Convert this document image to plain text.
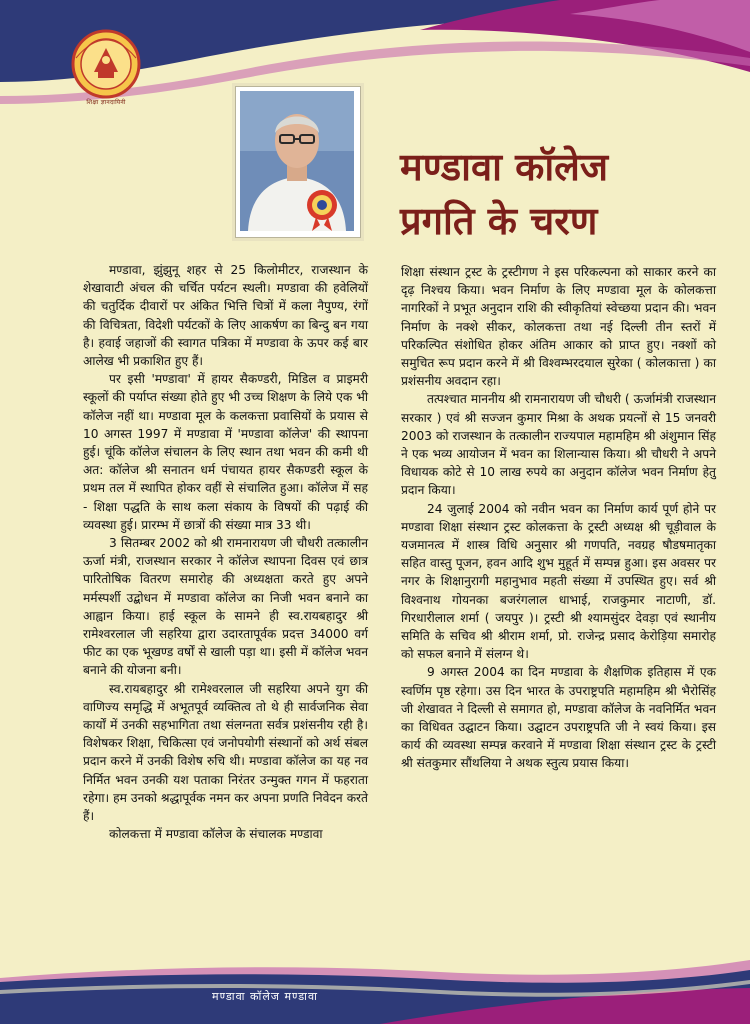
शिक्षा ज्ञानदायिनी
मण्डावा कॉलेज
प्रगति के चरण

मण्डावा, झुंझुनू शहर से 25 किलोमीटर, राजस्थान के शेखावाटी अंचल की चर्चित पर्यटन स्थली। मण्डावा की हवेलियों की चतुर्दिक दीवारों पर अंकित भित्ति चित्रों में कला नैपुण्य, रंगों की विचित्रता, विदेशी पर्यटकों के लिए आकर्षण का बिन्दु बन गया है। हवाई जहाजों की स्वागत पत्रिका में मण्डावा के ऊपर कई बार आलेख भी प्रकाशित हुए हैं।

पर इसी 'मण्डावा' में हायर सैकण्डरी, मिडिल व प्राइमरी स्कूलों की पर्याप्त संख्या होते हुए भी उच्च शिक्षण के लिये एक भी कॉलेज नहीं था। मण्डावा मूल के कलकत्ता प्रवासियों के प्रयास से 10 अगस्त 1997 में मण्डावा में 'मण्डावा कॉलेज' की स्थापना हुई। चूंकि कॉलेज संचालन के लिए स्थान तथा भवन की कमी थी अत: कॉलेज श्री सनातन धर्म पंचायत हायर सैकण्डरी स्कूल के प्रथम तल में स्थापित होकर वहीं से संचालित हुआ। कॉलेज में सह - शिक्षा पद्धति के साथ कला संकाय के विषयों की पढ़ाई की व्यवस्था हुई। प्रारम्भ में छात्रों की संख्या मात्र 33 थी।

3 सितम्बर 2002 को श्री रामनारायण जी चौधरी तत्कालीन ऊर्जा मंत्री, राजस्थान सरकार ने कॉलेज स्थापना दिवस एवं छात्र पारितोषिक वितरण समारोह की अध्यक्षता करते हुए अपने मर्मस्पर्शी उद्बोधन में मण्डावा कॉलेज का निजी भवन बनाने का आह्वान किया। हाई स्कूल के सामने ही स्व.रायबहादुर श्री रामेश्वरलाल जी सहरिया द्वारा उदारतापूर्वक प्रदत्त 34000 वर्ग फीट का एक भूखण्ड वर्षों से खाली पड़ा था। इसी में कॉलेज भवन बनाने की योजना बनी।

स्व.रायबहादुर श्री रामेश्वरलाल जी सहरिया अपने युग की वाणिज्य समृद्धि में अभूतपूर्व व्यक्तित्व तो थे ही सार्वजनिक सेवा कार्यों में उनकी सहभागिता तथा संलग्नता सर्वत्र प्रशंसनीय रही है। विशेषकर शिक्षा, चिकित्सा एवं जनोपयोगी संस्थानों को अर्थ संबल प्रदान करने में उनकी विशेष रुचि थी। मण्डावा कॉलेज का यह नव निर्मित भवन उनकी यश पताका निरंतर उन्मुक्त गगन में फहराता रहेगा। हम उनको श्रद्धापूर्वक नमन कर अपना प्रणति निवेदन करते हैं।

कोलकत्ता में मण्डावा कॉलेज के संचालक मण्डावा

शिक्षा संस्थान ट्रस्ट के ट्रस्टीगण ने इस परिकल्पना को साकार करने का दृढ़ निश्चय किया। भवन निर्माण के लिए मण्डावा मूल के कोलकत्ता नागरिकों ने प्रभूत अनुदान राशि की स्वीकृतियां स्वेच्छया प्रदान की। भवन निर्माण के नक्शे सीकर, कोलकत्ता तथा नई दिल्ली तीन स्तरों में परिकल्पित संशोधित होकर अंतिम आकार को प्राप्त हुए। नक्शों को समुचित रूप प्रदान करने में श्री विश्वम्भरदयाल सुरेका ( कोलकात्ता ) का प्रशंसनीय अवदान रहा।

तत्पश्चात माननीय श्री रामनारायण जी चौधरी ( ऊर्जामंत्री राजस्थान सरकार ) एवं श्री सज्जन कुमार मिश्रा के अथक प्रयत्नों से 15 जनवरी 2003 को राजस्थान के तत्कालीन राज्यपाल महामहिम श्री अंशुमान सिंह ने एक भव्य आयोजन में भवन का शिलान्यास किया। श्री चौधरी ने अपने विधायक कोटे से 10 लाख रुपये का अनुदान कॉलेज भवन निर्माण हेतु प्रदान किया।

24 जुलाई 2004 को नवीन भवन का निर्माण कार्य पूर्ण होने पर मण्डावा शिक्षा संस्थान ट्रस्ट कोलकत्ता के ट्रस्टी अध्यक्ष श्री चूड़ीवाल के यजमानत्व में शास्त्र विधि अनुसार श्री गणपति, नवग्रह षौडषमातृका सहित वास्तु पूजन, हवन आदि शुभ मुहूर्त में सम्पन्न हुआ। इस अवसर पर नगर के शिक्षानुरागी महानुभाव महती संख्या में उपस्थित हुए। सर्व श्री विश्वनाथ गोयनका बजरंगलाल धाभाई, राजकुमार नाटाणी, डॉ. गिरधारीलाल शर्मा ( जयपुर )। ट्रस्टी श्री श्यामसुंदर देवड़ा एवं स्थानीय समिति के सचिव श्री श्रीराम शर्मा, प्रो. राजेन्द्र प्रसाद केरोड़िया समारोह को सफल बनाने में संलग्न थे।

9 अगस्त 2004 का दिन मण्डावा के शैक्षणिक इतिहास में एक स्वर्णिम पृष्ठ रहेगा। उस दिन भारत के उपराष्ट्रपति महामहिम श्री भैरोसिंह जी शेखावत ने दिल्ली से समागत हो, मण्डावा कॉलेज के नवनिर्मित भवन का विधिवत उद्घाटन किया। उद्घाटन उपराष्ट्रपति जी ने स्वयं किया। इस कार्य की व्यवस्था सम्पन्न करवाने में मण्डावा शिक्षा संस्थान ट्रस्ट के ट्रस्टी श्री संतकुमार सौंथलिया ने अथक स्तुत्य प्रयास किया।

मण्डावा कॉलेज मण्डावा
